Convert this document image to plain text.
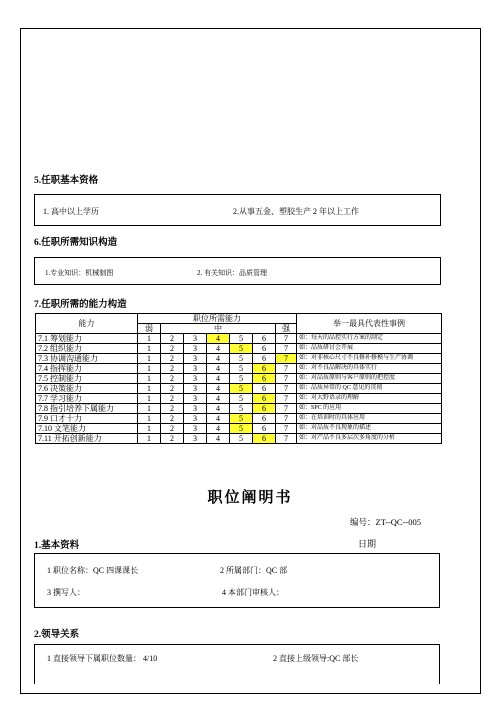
5.任职基本资格
1. 高中以上学历	2.从事五金、塑胶生产 2 年以上工作
6.任职所需知识构造
1.专业知识：机械制图	2. 有关知识：品质管理
7.任职所需的能力构造
能力	职位所需能力							举一最具代表性事例
	弱	中					强	
7.1 筹划能力	1	2	3	4	5	6	7	如：每天的品控实行方案的制定
7.2 组织能力	1	2	3	4	5	6	7	如：品质研讨会开展
7.3 协调沟通能力	1	2	3	4	5	6	7	如：对非核心尺寸不良修补修模与生产协调
7.4 指挥能力	1	2	3	4	5	6	7	如：对不良品解决的具体实行
7.5 控制能力	1	2	3	4	5	6	7	如：对品质原则与客户原则的把控度
7.6 决策能力	1	2	3	4	5	6	7	如：品质异常的 QC 意见的贯彻
7.7 学习能力	1	2	3	4	5	6	7	如：对大野语录的理解
7.8 指引培养下属能力	1	2	3	4	5	6	7	如：SPC 的应用
7.9 口才十力	1	2	3	4	5	6	7	如：在培训时的具体应用
7.10 文笔能力	1	2	3	4	5	6	7	如：对品质不良现象的描述
7.11 开拓创新能力	1	2	3	4	5	6	7	如：对产品不良多层次多角度的分析
职位阐明书
编号：ZT--QC--005
1.基本资料	日期
1 职位名称：QC 四课课长	2 所属部门：QC 部
3 撰写人：	4 本部门审核人：
2.领导关系
1 直接领导下属职位数量： 4/10	2 直接上级领导:QC 部长
